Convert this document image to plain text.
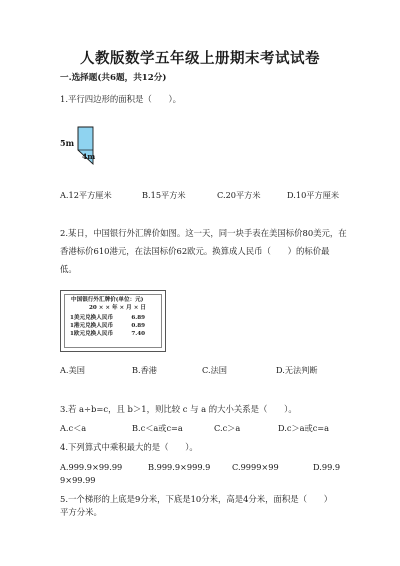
人教版数学五年级上册期末考试试卷
一.选择题(共6题，共12分)
1.平行四边形的面积是（　　）。
5m
4m
A.12平方厘米	B.15平方米	C.20平方米	D.10平方厘米
2.某日，中国银行外汇牌价如图。这一天，同一块手表在美国标价80美元，在
香港标价610港元，在法国标价62欧元。换算成人民币（　　）的标价最
低。
中国银行外汇牌价(单位：元)
20 × × 年 × 月 × 日
1美元兑换人民币	6.89
1港元兑换人民币	0.89
1欧元兑换人民币	7.40
A.美国	B.香港	C.法国	D.无法判断
3.若 a÷b=c，且 b＞1，则比较 c 与 a 的大小关系是（　　）。
A.c＜a	B.c＜a或c=a	C.c＞a	D.c＞a或c=a
4.下列算式中乘积最大的是（　　）。
A.999.9×99.99	B.999.9×999.9	C.9999×99	D.99.9
9×99.99
5.一个梯形的上底是9分米，下底是10分米，高是4分米，面积是（　　）
平方分米。
